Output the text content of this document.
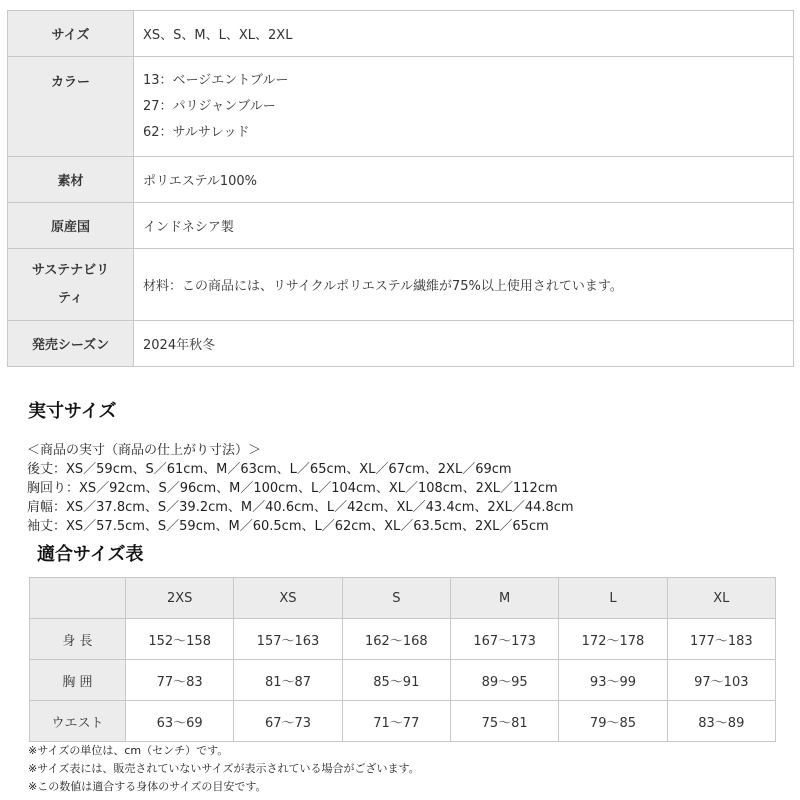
サイズ	XS、S、M、L、XL、2XL
カラー	13：ベージエントブルー
27：パリジャンブルー
62：サルサレッド

素材	ポリエステル100%
原産国	インドネシア製

サステナビリ
ティ	材料：この商品には、リサイクルポリエステル繊維が75%以上使用されています。
発売シーズン	2024年秋冬
実寸サイズ
＜商品の実寸（商品の仕上がり寸法）＞
後丈：XS／59cm、S／61cm、M／63cm、L／65cm、XL／67cm、2XL／69cm
胸回り：XS／92cm、S／96cm、M／100cm、L／104cm、XL／108cm、2XL／112cm
肩幅：XS／37.8cm、S／39.2cm、M／40.6cm、L／42cm、XL／43.4cm、2XL／44.8cm
袖丈：XS／57.5cm、S／59cm、M／60.5cm、L／62cm、XL／63.5cm、2XL／65cm
適合サイズ表
	2XS	XS	S	M	L	XL
身 長	152〜158	157〜163	162〜168	167〜173	172〜178	177〜183
胸 囲	77〜83	81〜87	85〜91	89〜95	93〜99	97〜103
ウエスト	63〜69	67〜73	71〜77	75〜81	79〜85	83〜89
※サイズの単位は、cm（センチ）です。
※サイズ表には、販売されていないサイズが表示されている場合がございます。
※この数値は適合する身体のサイズの目安です。
